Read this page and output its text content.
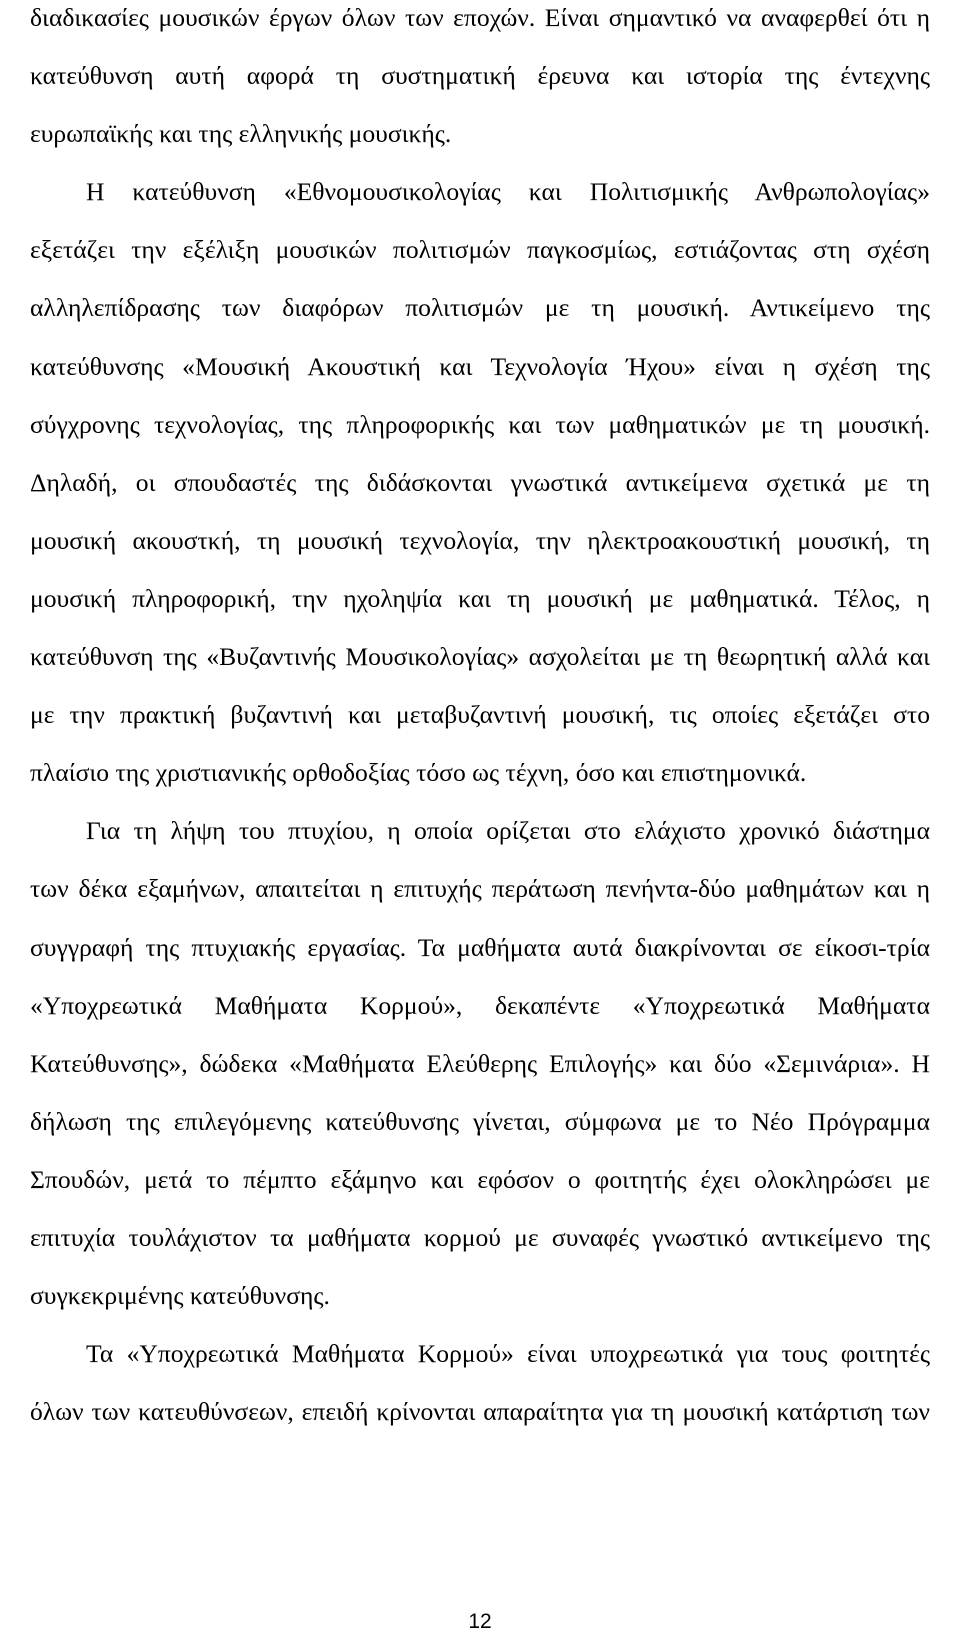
διαδικασίες μουσικών έργων όλων των εποχών. Είναι σημαντικό να αναφερθεί ότι η
κατεύθυνση αυτή αφορά τη συστηματική έρευνα και ιστορία της έντεχνης
ευρωπαϊκής και της ελληνικής μουσικής.
Η κατεύθυνση «Εθνομουσικολογίας και Πολιτισμικής Ανθρωπολογίας»
εξετάζει την εξέλιξη μουσικών πολιτισμών παγκοσμίως, εστιάζοντας στη σχέση
αλληλεπίδρασης των διαφόρων πολιτισμών με τη μουσική. Αντικείμενο της
κατεύθυνσης «Μουσική Ακουστική και Τεχνολογία Ήχου» είναι η σχέση της
σύγχρονης τεχνολογίας, της πληροφορικής και των μαθηματικών με τη μουσική.
Δηλαδή, οι σπουδαστές της διδάσκονται γνωστικά αντικείμενα σχετικά με τη
μουσική ακουστκή, τη μουσική τεχνολογία, την ηλεκτροακουστική μουσική, τη
μουσική πληροφορική, την ηχοληψία και τη μουσική με μαθηματικά. Τέλος, η
κατεύθυνση της «Βυζαντινής Μουσικολογίας» ασχολείται με τη θεωρητική αλλά και
με την πρακτική βυζαντινή και μεταβυζαντινή μουσική, τις οποίες εξετάζει στο
πλαίσιο της χριστιανικής ορθοδοξίας τόσο ως τέχνη, όσο και επιστημονικά.
Για τη λήψη του πτυχίου, η οποία ορίζεται στο ελάχιστο χρονικό διάστημα
των δέκα εξαμήνων, απαιτείται η επιτυχής περάτωση πενήντα-δύο μαθημάτων και η
συγγραφή της πτυχιακής εργασίας. Τα μαθήματα αυτά διακρίνονται σε είκοσι-τρία
«Υποχρεωτικά Μαθήματα Κορμού», δεκαπέντε «Υποχρεωτικά Μαθήματα
Κατεύθυνσης», δώδεκα «Μαθήματα Ελεύθερης Επιλογής» και δύο «Σεμινάρια». Η
δήλωση της επιλεγόμενης κατεύθυνσης γίνεται, σύμφωνα με το Νέο Πρόγραμμα
Σπουδών, μετά το πέμπτο εξάμηνο και εφόσον ο φοιτητής έχει ολοκληρώσει με
επιτυχία τουλάχιστον τα μαθήματα κορμού με συναφές γνωστικό αντικείμενο της
συγκεκριμένης κατεύθυνσης.
Τα «Υποχρεωτικά Μαθήματα Κορμού» είναι υποχρεωτικά για τους φοιτητές
όλων των κατευθύνσεων, επειδή κρίνονται απαραίτητα για τη μουσική κατάρτιση των
12
